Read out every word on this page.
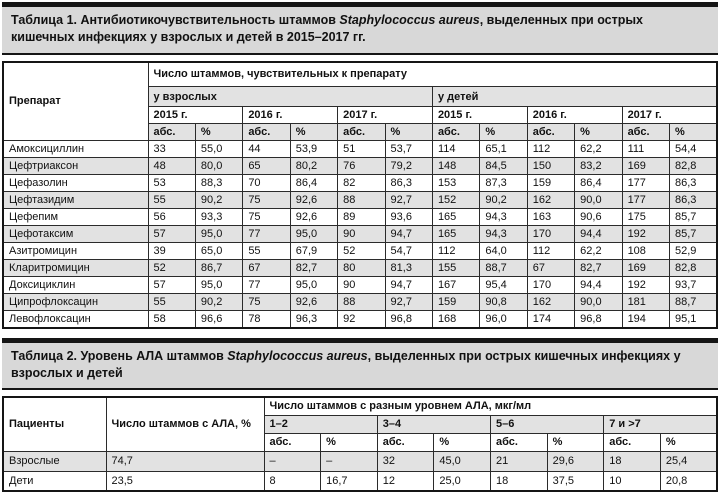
Таблица 1. Антибиотикочувствительность штаммов Staphylococcus aureus, выделенных при острых кишечных инфекциях у взрослых и детей в 2015–2017 гг.
Препарат	Число штаммов, чувствительных к препарату											
	у взрослых						у детей					
	2015 г.		2016 г.		2017 г.		2015 г.		2016 г.		2017 г.	
	абс.	%	абс.	%	абс.	%	абс.	%	абс.	%	абс.	%
Амоксициллин	33	55,0	44	53,9	51	53,7	114	65,1	112	62,2	111	54,4
Цефтриаксон	48	80,0	65	80,2	76	79,2	148	84,5	150	83,2	169	82,8
Цефазолин	53	88,3	70	86,4	82	86,3	153	87,3	159	86,4	177	86,3
Цефтазидим	55	90,2	75	92,6	88	92,7	152	90,2	162	90,0	177	86,3
Цефепим	56	93,3	75	92,6	89	93,6	165	94,3	163	90,6	175	85,7
Цефотаксим	57	95,0	77	95,0	90	94,7	165	94,3	170	94,4	192	85,7
Азитромицин	39	65,0	55	67,9	52	54,7	112	64,0	112	62,2	108	52,9
Кларитромицин	52	86,7	67	82,7	80	81,3	155	88,7	67	82,7	169	82,8
Доксициклин	57	95,0	77	95,0	90	94,7	167	95,4	170	94,4	192	93,7
Ципрофлоксацин	55	90,2	75	92,6	88	92,7	159	90,8	162	90,0	181	88,7
Левофлоксацин	58	96,6	78	96,3	92	96,8	168	96,0	174	96,8	194	95,1
Таблица 2. Уровень АЛА штаммов Staphylococcus aureus, выделенных при острых кишечных инфекциях у взрослых и детей
Пациенты	Число штаммов с АЛА, %	Число штаммов с разным уровнем АЛА, мкг/мл							
		1–2		3–4		5–6		7 и >7	
		абс.	%	абс.	%	абс.	%	абс.	%
Взрослые	74,7	–	–	32	45,0	21	29,6	18	25,4
Дети	23,5	8	16,7	12	25,0	18	37,5	10	20,8
